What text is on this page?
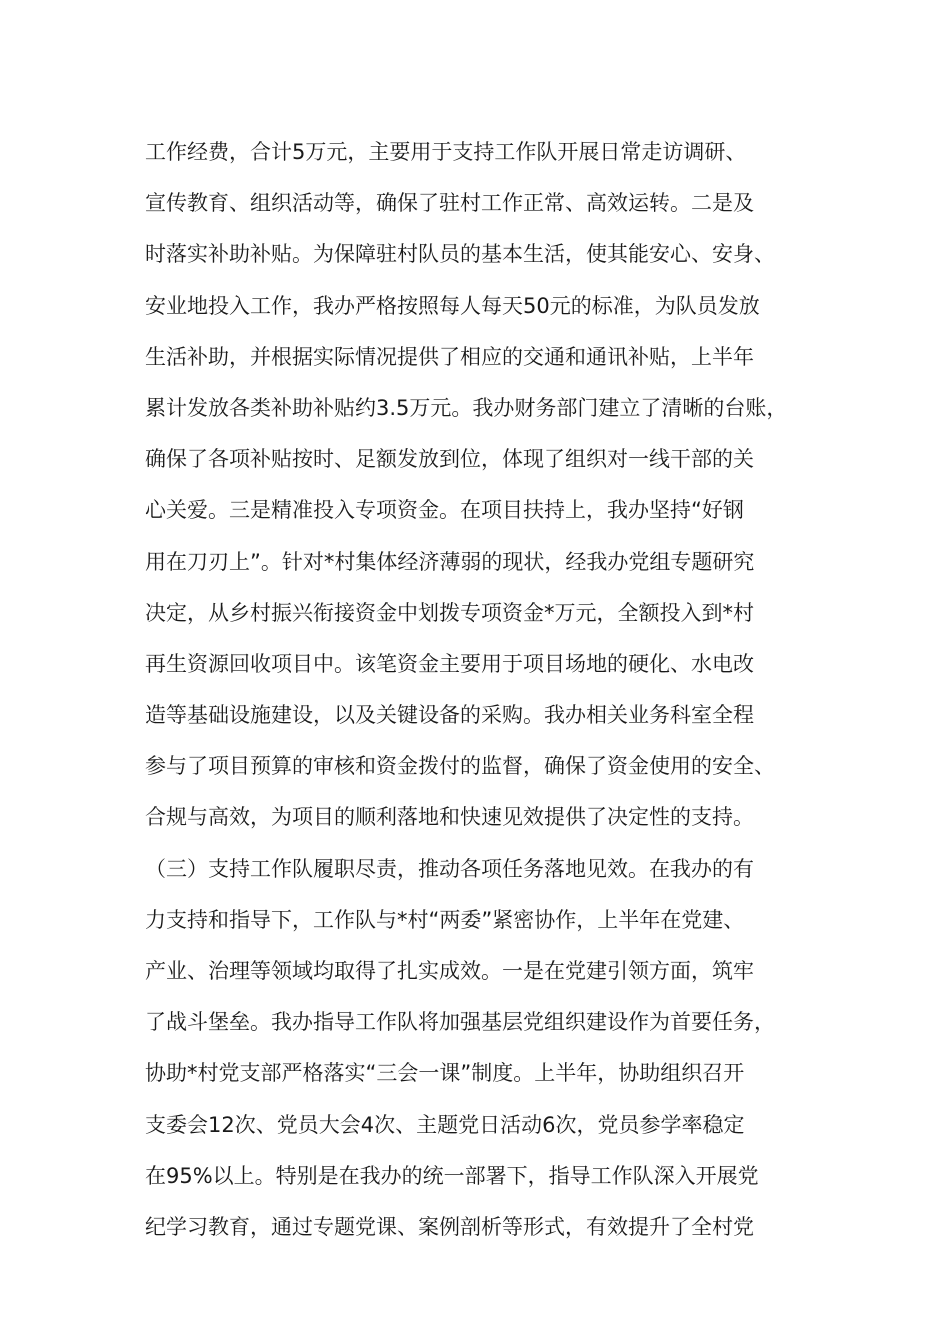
工作经费，合计5万元，主要用于支持工作队开展日常走访调研、
宣传教育、组织活动等，确保了驻村工作正常、高效运转。二是及
时落实补助补贴。为保障驻村队员的基本生活，使其能安心、安身、
安业地投入工作，我办严格按照每人每天50元的标准，为队员发放
生活补助，并根据实际情况提供了相应的交通和通讯补贴，上半年
累计发放各类补助补贴约3.5万元。我办财务部门建立了清晰的台账，
确保了各项补贴按时、足额发放到位，体现了组织对一线干部的关
心关爱。三是精准投入专项资金。在项目扶持上，我办坚持“好钢
用在刀刃上”。针对*村集体经济薄弱的现状，经我办党组专题研究
决定，从乡村振兴衔接资金中划拨专项资金*万元，全额投入到*村
再生资源回收项目中。该笔资金主要用于项目场地的硬化、水电改
造等基础设施建设，以及关键设备的采购。我办相关业务科室全程
参与了项目预算的审核和资金拨付的监督，确保了资金使用的安全、
合规与高效，为项目的顺利落地和快速见效提供了决定性的支持。
（三）支持工作队履职尽责，推动各项任务落地见效。在我办的有
力支持和指导下，工作队与*村“两委”紧密协作，上半年在党建、
产业、治理等领域均取得了扎实成效。一是在党建引领方面，筑牢
了战斗堡垒。我办指导工作队将加强基层党组织建设作为首要任务，
协助*村党支部严格落实“三会一课”制度。上半年，协助组织召开
支委会12次、党员大会4次、主题党日活动6次，党员参学率稳定
在95%以上。特别是在我办的统一部署下，指导工作队深入开展党
纪学习教育，通过专题党课、案例剖析等形式，有效提升了全村党
